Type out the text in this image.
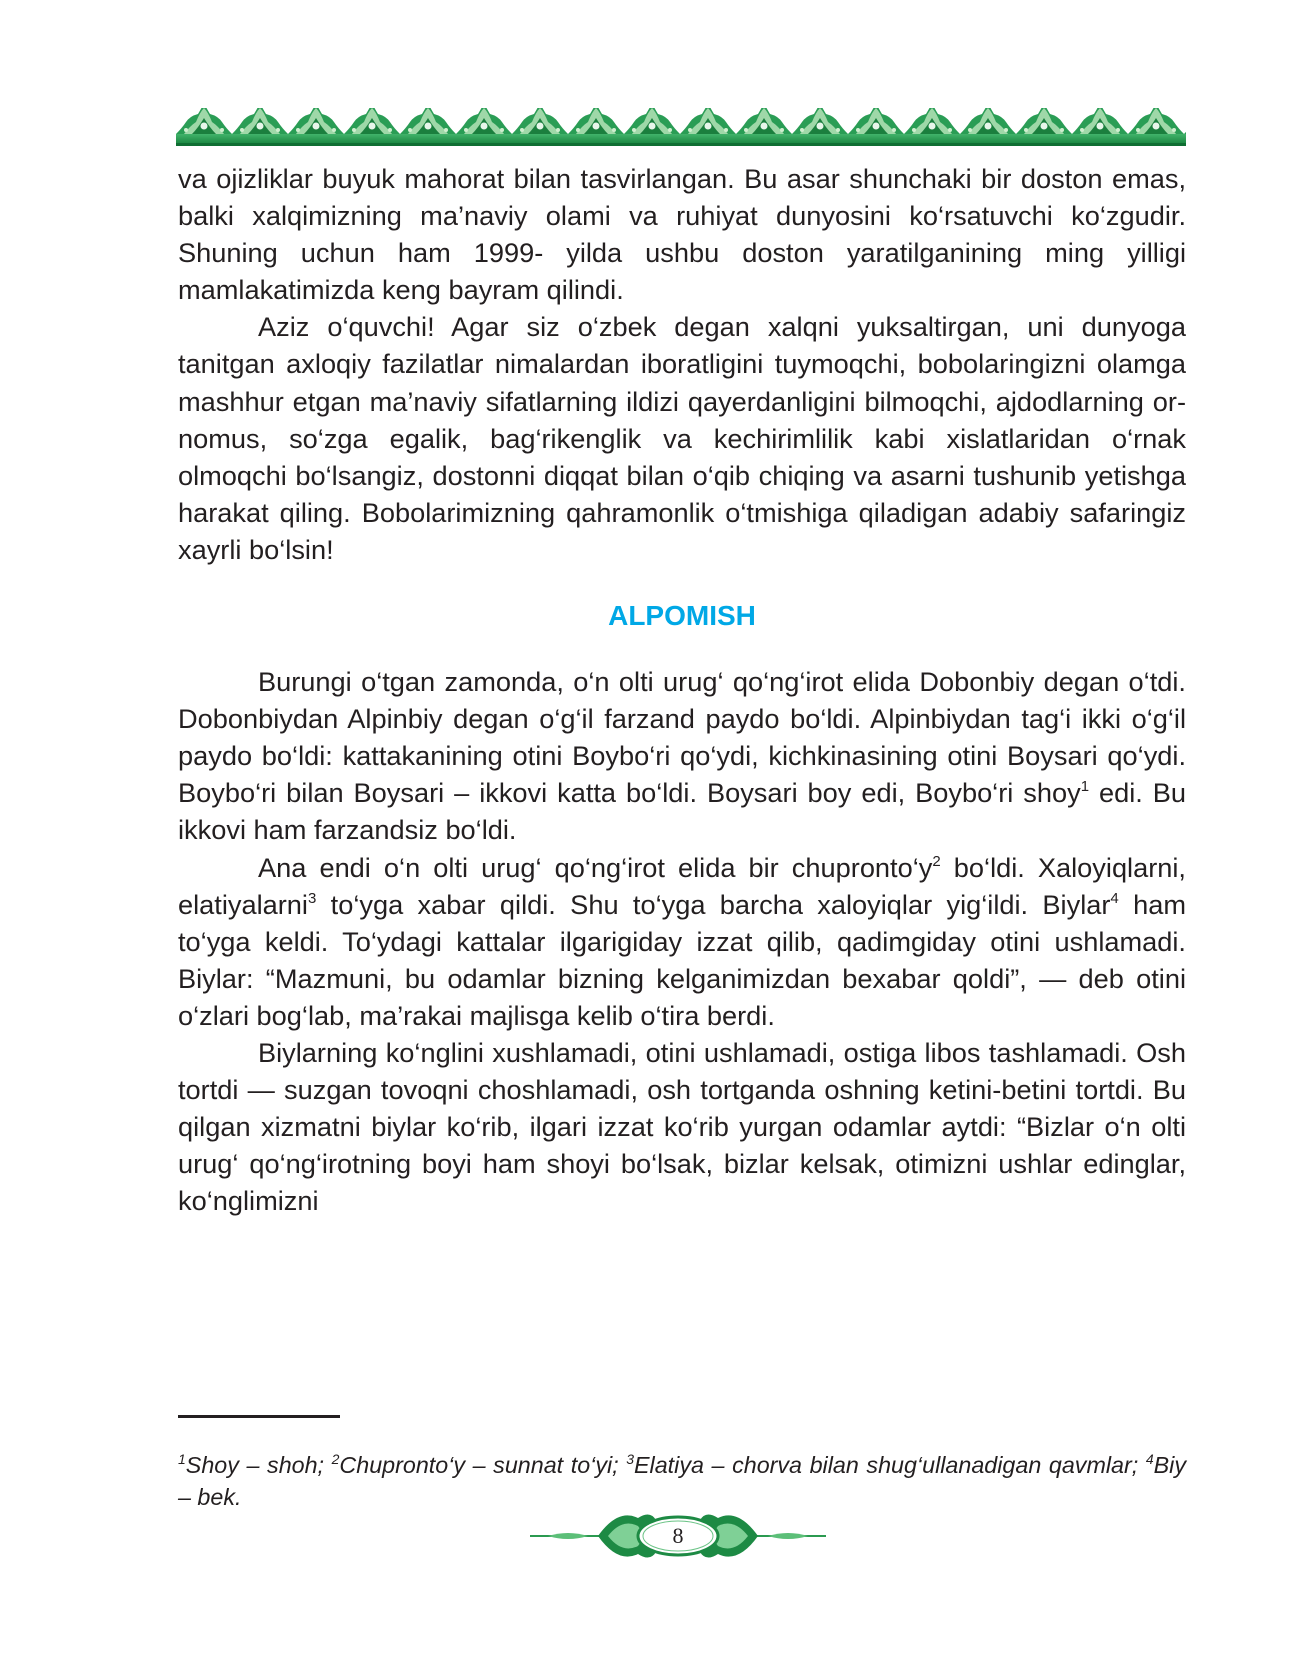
va ojizliklar buyuk mahorat bilan tasvirlangan. Bu asar shunchaki bir doston emas, balki xalqimizning ma’naviy olami va ruhiyat dunyosini ko‘rsatuvchi ko‘zgudir. Shuning uchun ham 1999- yilda ushbu doston yaratilganining ming yilligi mamlakatimizda keng bayram qilindi.

Aziz o‘quvchi! Agar siz o‘zbek degan xalqni yuksaltirgan, uni dunyoga tanitgan axloqiy fazilatlar nimalardan iboratligini tuymoqchi, bobolaringizni olamga mashhur etgan ma’naviy sifatlarning ildizi qayerdanligini bilmoqchi, ajdodlarning or-nomus, so‘zga egalik, bag‘rikenglik va kechirimlilik kabi xislatlaridan o‘rnak olmoqchi bo‘lsangiz, dostonni diqqat bilan o‘qib chiqing va asarni tushunib yetishga harakat qiling. Bobolarimizning qahramonlik o‘tmishiga qiladigan adabiy safaringiz xayrli bo‘lsin!

ALPOMISH

Burungi o‘tgan zamonda, o‘n olti urug‘ qo‘ng‘irot elida Dobonbiy degan o‘tdi. Dobonbiydan Alpinbiy degan o‘g‘il farzand paydo bo‘ldi. Alpinbiydan tag‘i ikki o‘g‘il paydo bo‘ldi: kattakanining otini Boybo‘ri qo‘ydi, kichkinasining otini Boysari qo‘ydi. Boybo‘ri bilan Boysari – ikkovi katta bo‘ldi. Boysari boy edi, Boybo‘ri shoy$^1$ edi. Bu ikkovi ham farzandsiz bo‘ldi.

Ana endi o‘n olti urug‘ qo‘ng‘irot elida bir $chupronto‘y^2$ bo‘ldi. Xaloyiqlarni, elatiyalarni$^3$ to‘yga xabar qildi. Shu to‘yga barcha xaloyiqlar yig‘ildi. Biylar$^4$ ham to‘yga keldi. To‘ydagi kattalar ilgarigiday izzat qilib, qadimgiday otini ushlamadi. Biylar: “Mazmuni, bu odamlar bizning kelganimizdan bexabar qoldi”, — deb otini o‘zlari bog‘lab, ma’rakai majlisga kelib o‘tira berdi.

Biylarning ko‘nglini xushlamadi, otini ushlamadi, ostiga libos tashlamadi. Osh tortdi — suzgan tovoqni choshlamadi, osh tortganda oshning ketini-betini tortdi. Bu qilgan xizmatni biylar ko‘rib, ilgari izzat ko‘rib yurgan odamlar aytdi: “Bizlar o‘n olti urug‘ qo‘ng‘irotning boyi ham shoyi bo‘lsak, bizlar kelsak, otimizni ushlar edinglar, ko‘nglimizni

$^1$Shoy – shoh; $^2$Chupronto‘y – sunnat to‘yi; $^3$Elatiya – chorva bilan shug‘ullanadigan qavmlar; $^4$Biy – bek.
8
